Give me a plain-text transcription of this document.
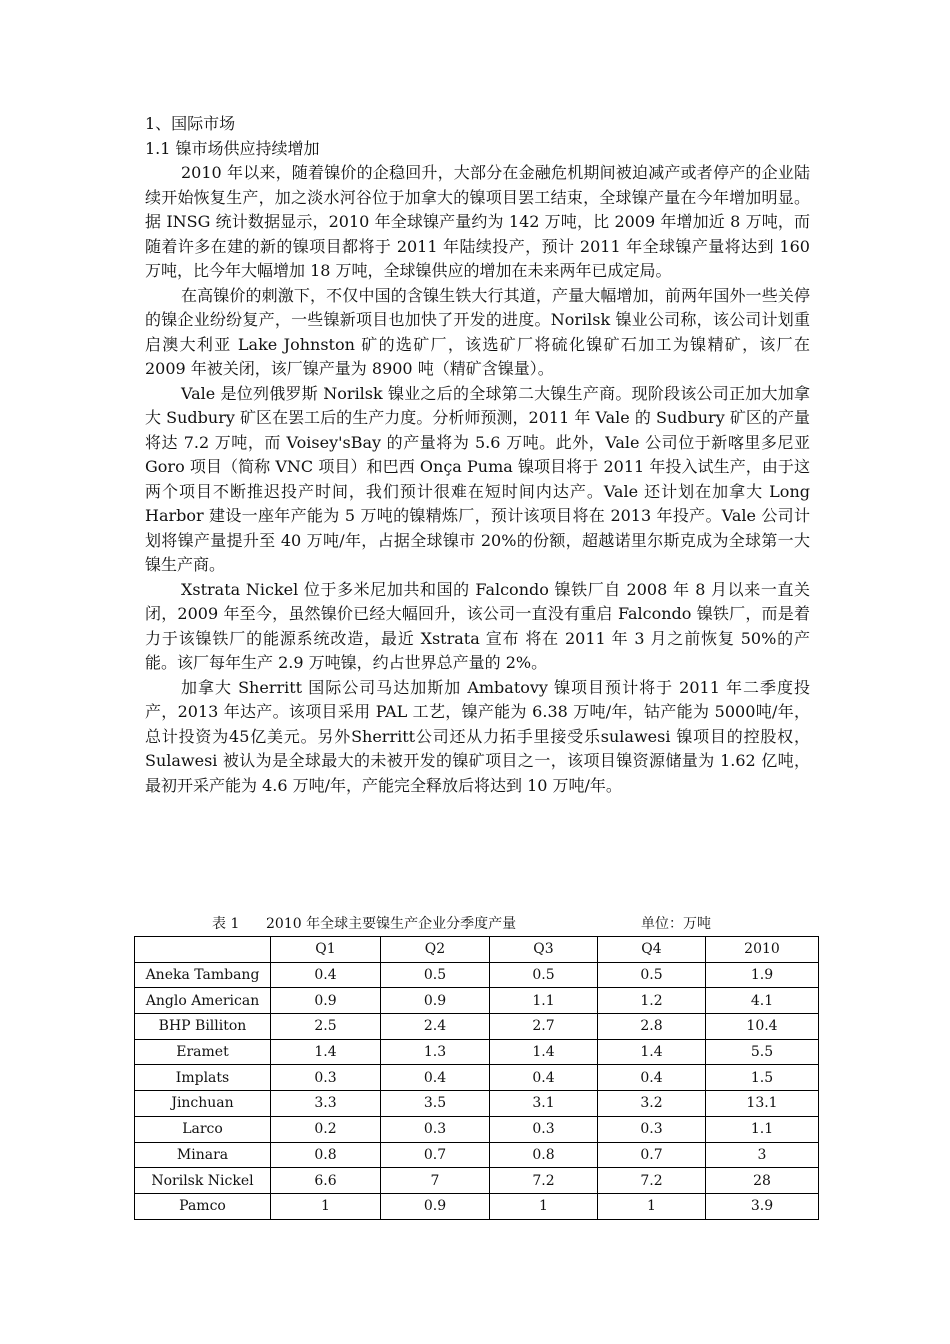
1、国际市场

1.1 镍市场供应持续增加

2010 年以来，随着镍价的企稳回升，大部分在金融危机期间被迫减产或者停产的企业陆续开始恢复生产，加之淡水河谷位于加拿大的镍项目罢工结束，全球镍产量在今年增加明显。据 INSG 统计数据显示，2010 年全球镍产量约为 142 万吨，比 2009 年增加近 8 万吨，而随着许多在建的新的镍项目都将于 2011 年陆续投产，预计 2011 年全球镍产量将达到 160 万吨，比今年大幅增加 18 万吨，全球镍供应的增加在未来两年已成定局。

在高镍价的刺激下，不仅中国的含镍生铁大行其道，产量大幅增加，前两年国外一些关停的镍企业纷纷复产，一些镍新项目也加快了开发的进度。Norilsk 镍业公司称，该公司计划重启澳大利亚 Lake Johnston 矿的选矿厂，该选矿厂将硫化镍矿石加工为镍精矿，该厂在 2009 年被关闭，该厂镍产量为 8900 吨（精矿含镍量）。

Vale 是位列俄罗斯 Norilsk 镍业之后的全球第二大镍生产商。现阶段该公司正加大加拿大 Sudbury 矿区在罢工后的生产力度。分析师预测，2011 年 Vale 的 Sudbury 矿区的产量将达 7.2 万吨，而 Voisey'sBay 的产量将为 5.6 万吨。此外，Vale 公司位于新喀里多尼亚 Goro 项目（简称 VNC 项目）和巴西 Onça Puma 镍项目将于 2011 年投入试生产，由于这两个项目不断推迟投产时间，我们预计很难在短时间内达产。Vale 还计划在加拿大 Long Harbor 建设一座年产能为 5 万吨的镍精炼厂，预计该项目将在 2013 年投产。Vale 公司计划将镍产量提升至 40 万吨/年，占据全球镍市 20%的份额，超越诺里尔斯克成为全球第一大镍生产商。

Xstrata Nickel 位于多米尼加共和国的 Falcondo 镍铁厂自 2008 年 8 月以来一直关闭，2009 年至今，虽然镍价已经大幅回升，该公司一直没有重启 Falcondo 镍铁厂，而是着力于该镍铁厂的能源系统改造，最近 Xstrata 宣布 将在 2011 年 3 月之前恢复 50%的产能。该厂每年生产 2.9 万吨镍，约占世界总产量的 2%。

加拿大 Sherritt 国际公司马达加斯加 Ambatovy 镍项目预计将于 2011 年二季度投产，2013 年达产。该项目采用 PAL 工艺，镍产能为 6.38 万吨/年，钴产能为 5000吨/年，总计投资为45亿美元。另外Sherritt公司还从力拓手里接受乐sulawesi 镍项目的控股权，Sulawesi 被认为是全球最大的未被开发的镍矿项目之一，该项目镍资源储量为 1.62 亿吨，最初开采产能为 4.6 万吨/年，产能完全释放后将达到 10 万吨/年。

表 1 2010 年全球主要镍生产企业分季度产量	单位：万吨
	Q1	Q2	Q3	Q4	2010
Aneka Tambang	0.4	0.5	0.5	0.5	1.9
Anglo American	0.9	0.9	1.1	1.2	4.1
BHP Billiton	2.5	2.4	2.7	2.8	10.4
Eramet	1.4	1.3	1.4	1.4	5.5
Implats	0.3	0.4	0.4	0.4	1.5
Jinchuan	3.3	3.5	3.1	3.2	13.1
Larco	0.2	0.3	0.3	0.3	1.1
Minara	0.8	0.7	0.8	0.7	3
Norilsk Nickel	6.6	7	7.2	7.2	28
Pamco	1	0.9	1	1	3.9
